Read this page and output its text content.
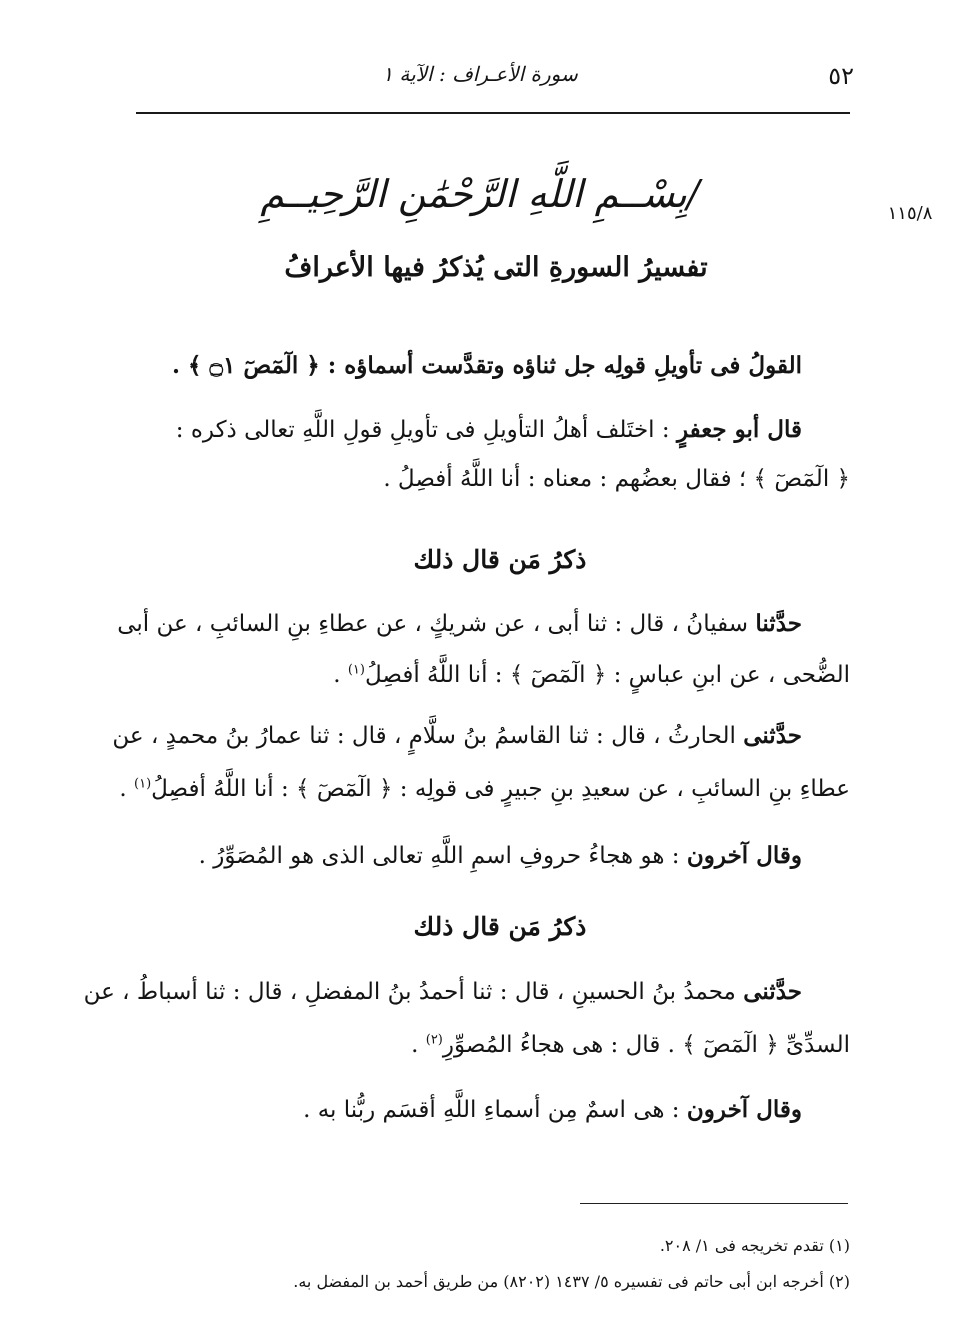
٥٢
سورة الأعـراف : الآية ١
١١٥/٨
/بِسْــمِ اللَّهِ الرَّحْمَٰنِ الرَّحِيــمِ
تفسيرُ السورةِ التى يُذكرُ فيها الأعرافُ
القولُ فى تأويلِ قولِه جل ثناؤه وتقدَّست أسماؤه : ﴿ الٓمٓصٓ ۝١ ﴾ .
قال أبو جعفرٍ : اختَلف أهلُ التأويلِ فى تأويلِ قولِ اللَّهِ تعالى ذكره :
﴿ الٓمٓصٓ ﴾ ؛ فقال بعضُهم : معناه : أنا اللَّهُ أفصِلُ .
ذكرُ مَن قال ذلك
حدَّثنا سفيانُ ، قال : ثنا أبى ، عن شريكٍ ، عن عطاءِ بنِ السائبِ ، عن أبى
الضُّحى ، عن ابنِ عباسٍ : ﴿ الٓمٓصٓ ﴾ : أنا اللَّهُ أفصِلُ$^{(١)}$ .
حدَّثنى الحارثُ ، قال : ثنا القاسمُ بنُ سلَّامٍ ، قال : ثنا عمارُ بنُ محمدٍ ، عن
عطاءِ بنِ السائبِ ، عن سعيدِ بنِ جبيرٍ فى قولِه : ﴿ الٓمٓصٓ ﴾ : أنا اللَّهُ أفصِلُ$^{(١)}$ .
وقال آخرون : هو هجاءُ حروفِ اسمِ اللَّهِ تعالى الذى هو المُصَوِّرُ .
ذكرُ مَن قال ذلك
حدَّثنى محمدُ بنُ الحسينِ ، قال : ثنا أحمدُ بنُ المفضلِ ، قال : ثنا أسباطُ ، عن
السدِّىِّ ﴿ الٓمٓصٓ ﴾ . قال : هى هجاءُ المُصوِّرِ$^{(٢)}$ .
وقال آخرون : هى اسمٌ مِن أسماءِ اللَّهِ أقسَم ربُّنا به .
(١) تقدم تخريجه فى ١/ ٢٠٨.
(٢) أخرجه ابن أبى حاتم فى تفسيره ٥/ ١٤٣٧ (٨٢٠٢) من طريق أحمد بن المفضل به.
